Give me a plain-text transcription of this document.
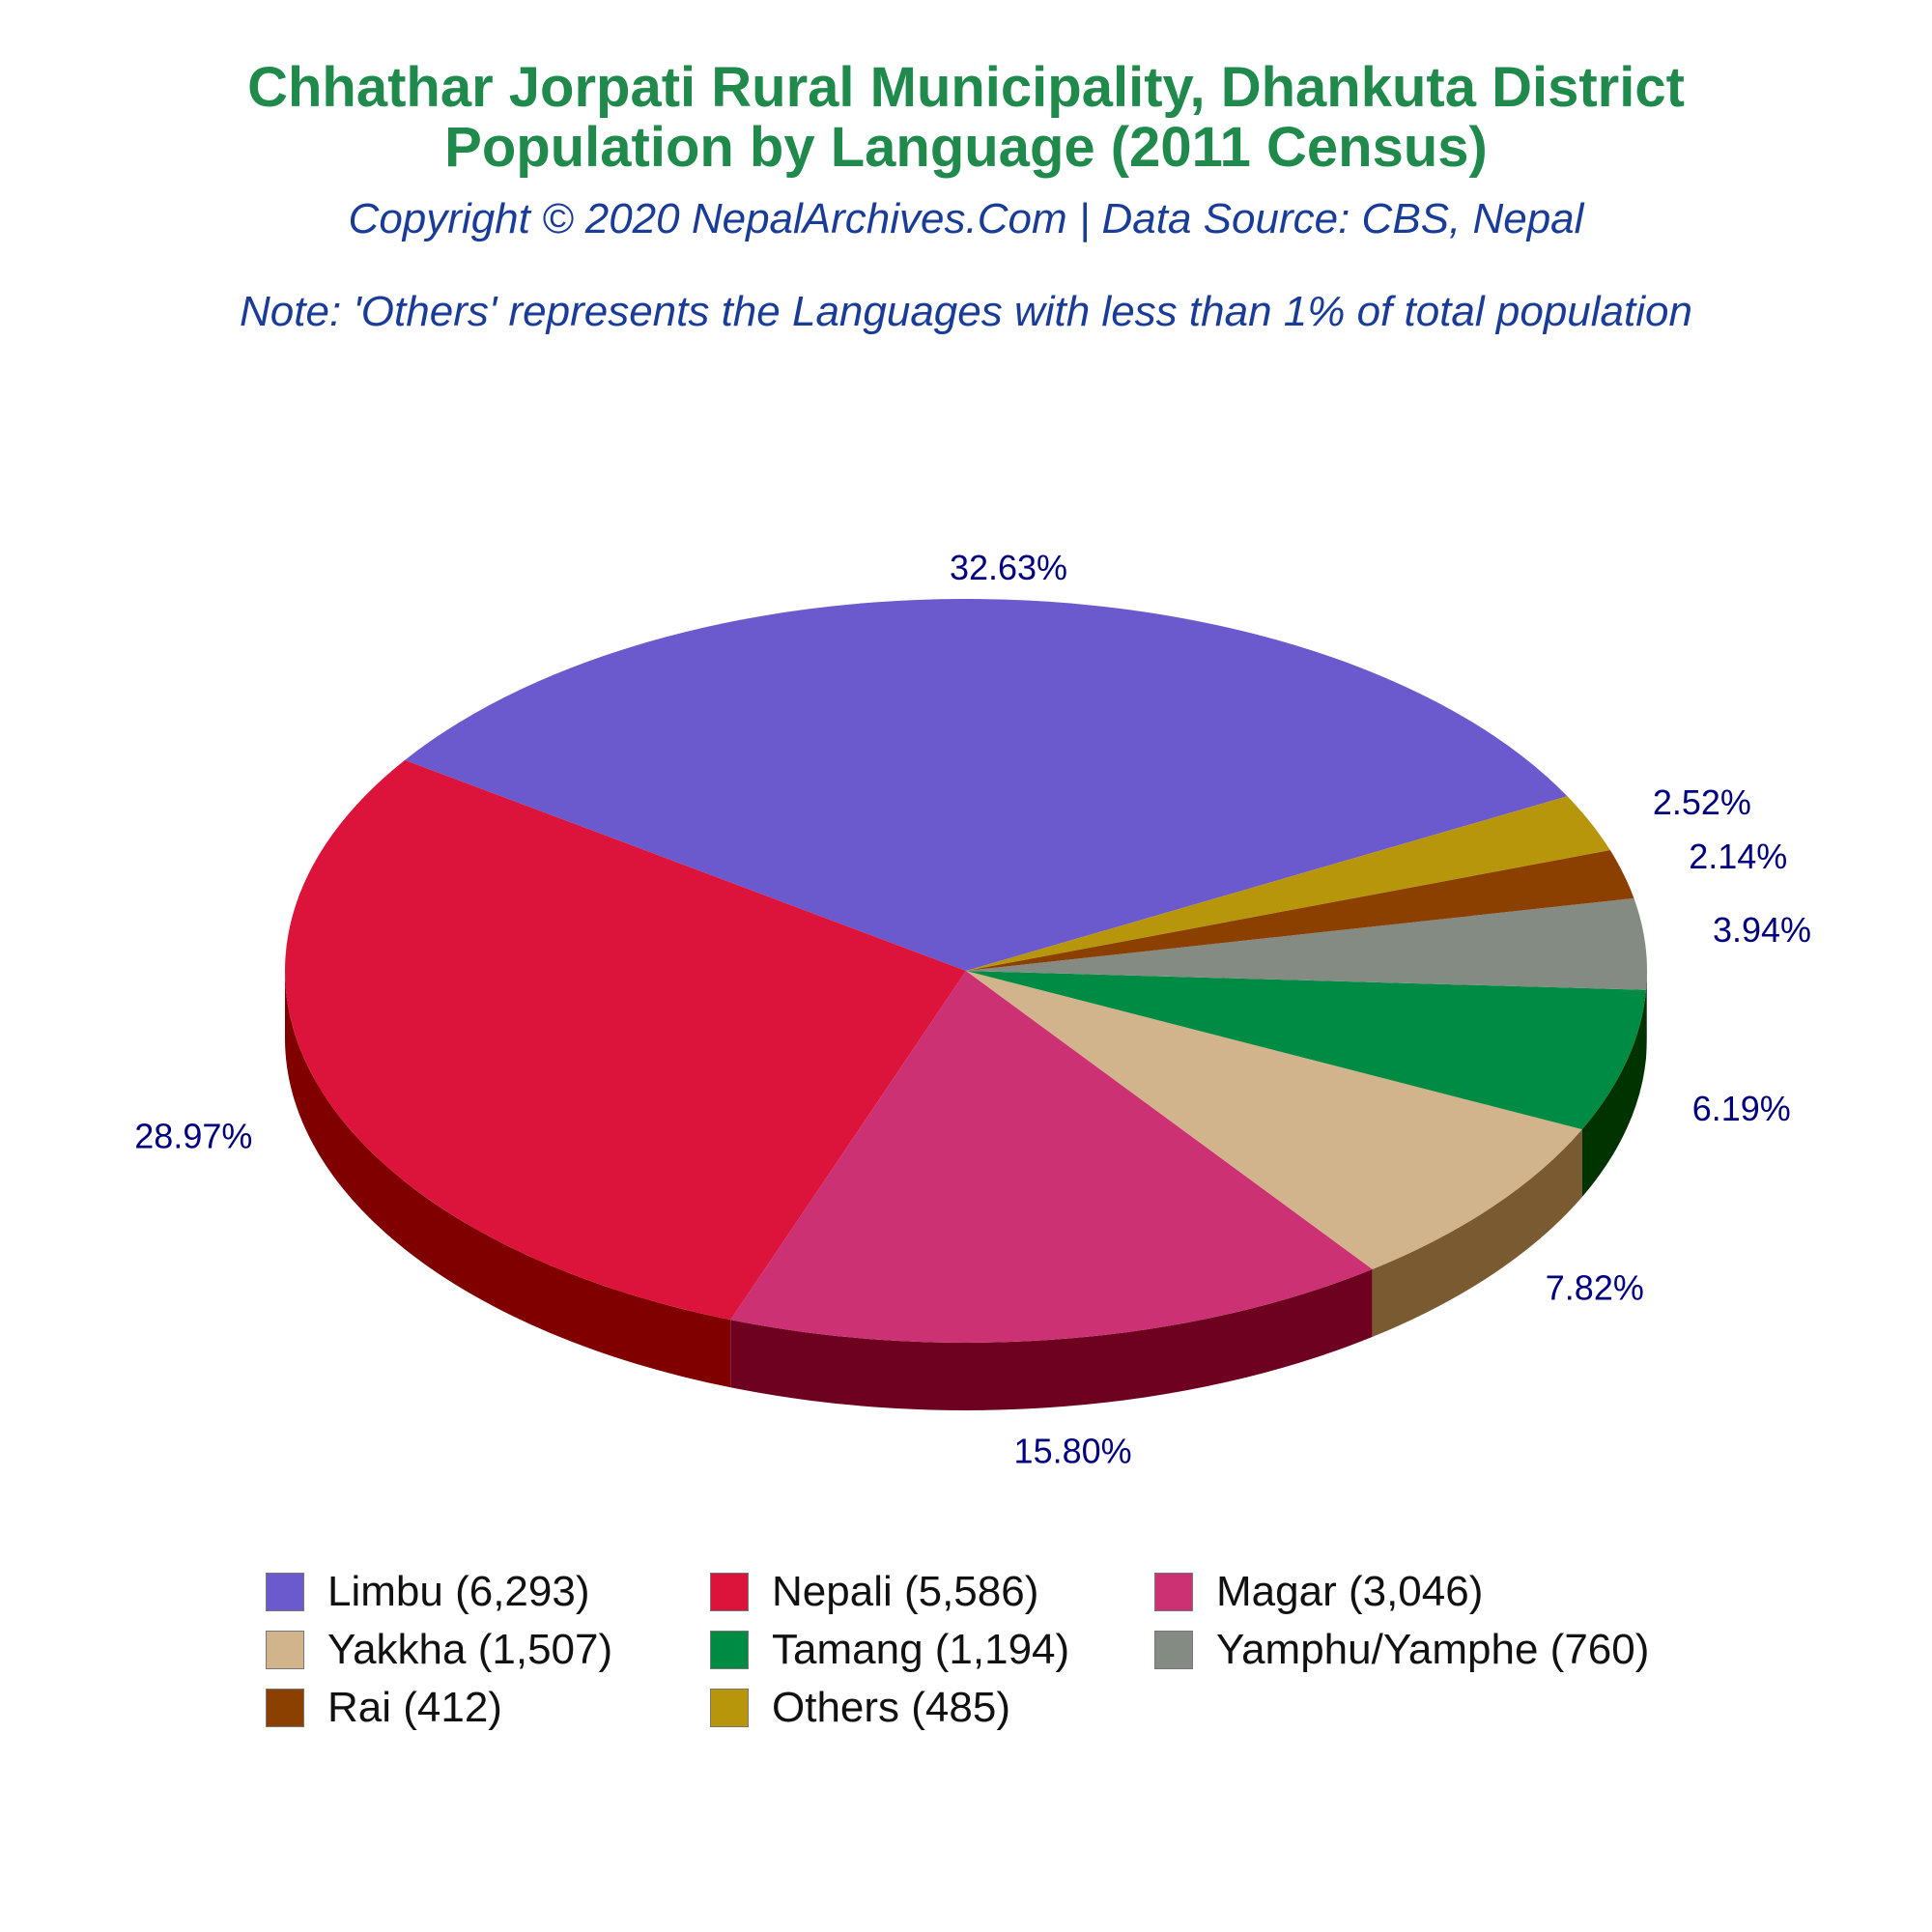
Chhathar Jorpati Rural Municipality, Dhankuta District
Population by Language (2011 Census)
Copyright © 2020 NepalArchives.Com | Data Source: CBS, Nepal
Note: 'Others' represents the Languages with less than 1% of total population
32.63%
28.97%
15.80%
7.82%
6.19%
3.94%
2.14%
2.52%
Limbu (6,293)	Nepali (5,586)	Magar (3,046)
Yakkha (1,507)	Tamang (1,194)	Yamphu/Yamphe (760)
Rai (412)	Others (485)
